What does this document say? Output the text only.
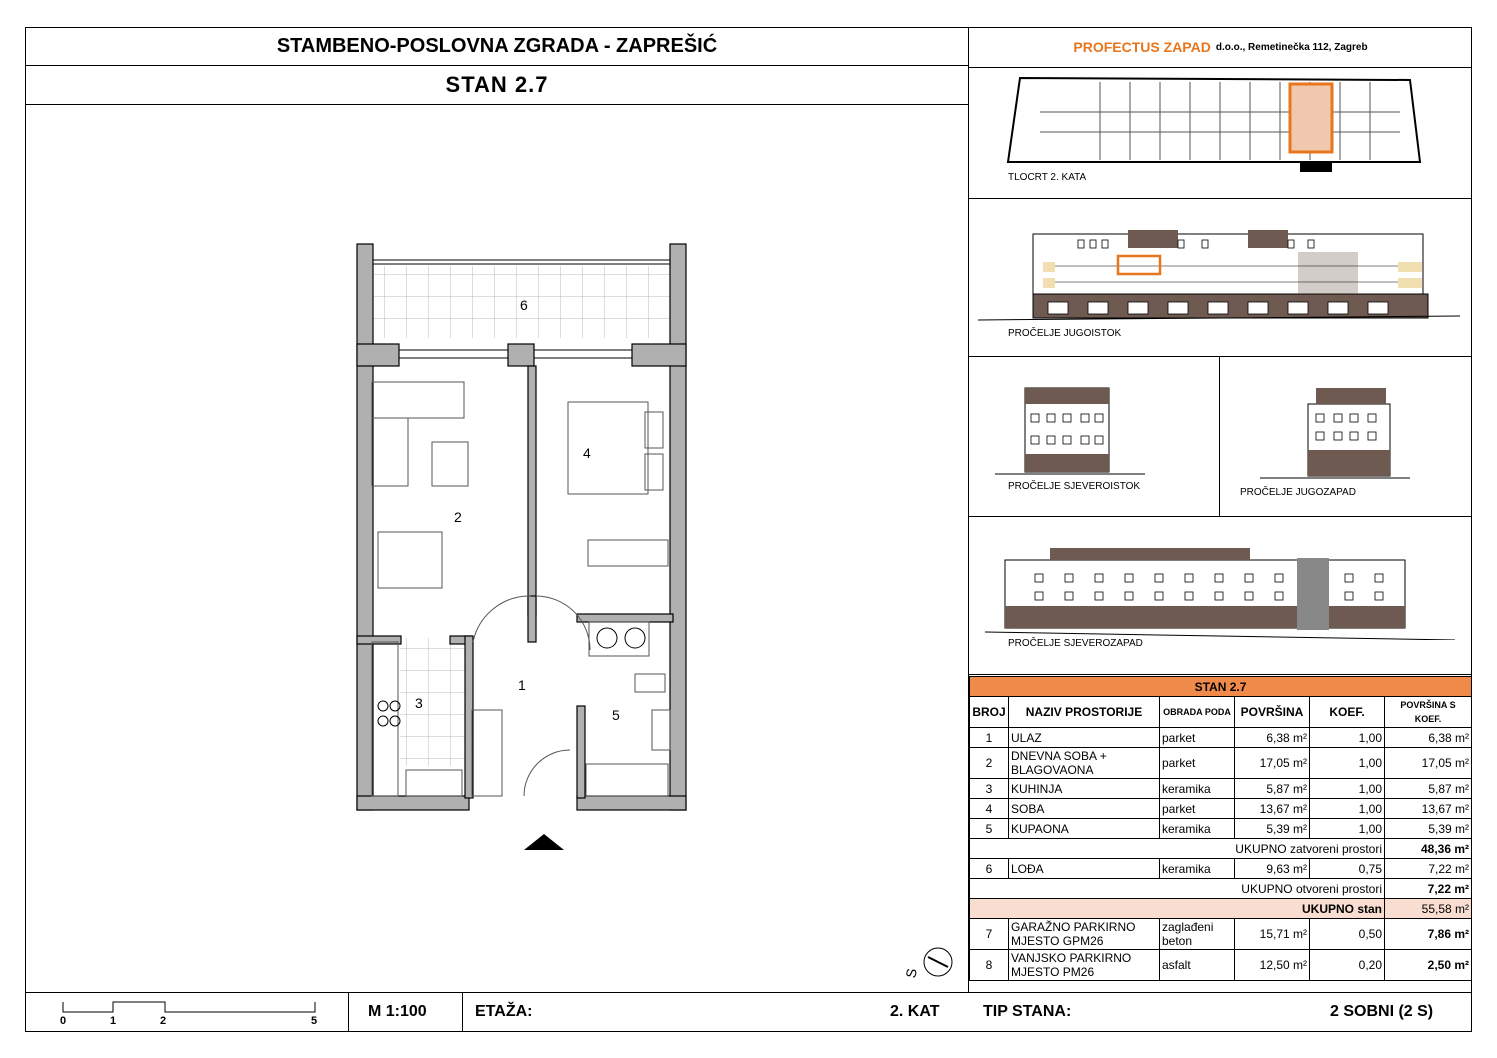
STAMBENO-POSLOVNA ZGRADA - ZAPREŠIĆ
STAN 2.7
PROFECTUS ZAPAD d.o.o., Remetinečka 112, Zagreb
6
2
4
3
1
5
S
TLOCRT 2. KATA
PROČELJE JUGOISTOK
PROČELJE SJEVEROISTOK
PROČELJE JUGOZAPAD
PROČELJE SJEVEROZAPAD
STAN 2.7					
BROJ	NAZIV PROSTORIJE	OBRADA PODA	POVRŠINA	KOEF.	POVRŠINA S KOEF.
1	ULAZ	parket	6,38 m²	1,00	6,38 m²
2	DNEVNA SOBA + BLAGOVAONA	parket	17,05 m²	1,00	17,05 m²
3	KUHINJA	keramika	5,87 m²	1,00	5,87 m²
4	SOBA	parket	13,67 m²	1,00	13,67 m²
5	KUPAONA	keramika	5,39 m²	1,00	5,39 m²
UKUPNO zatvoreni prostori					48,36 m²
6	LOĐA	keramika	9,63 m²	0,75	7,22 m²
UKUPNO otvoreni prostori					7,22 m²
UKUPNO stan					55,58 m²
7	GARAŽNO PARKIRNO MJESTO GPM26	zaglađeni beton	15,71 m²	0,50	7,86 m²
8	VANJSKO PARKIRNO MJESTO PM26	asfalt	12,50 m²	0,20	2,50 m²
0	1	2	5
M 1:100	ETAŽA:	2. KAT	TIP STANA:	2 SOBNI (2 S)
